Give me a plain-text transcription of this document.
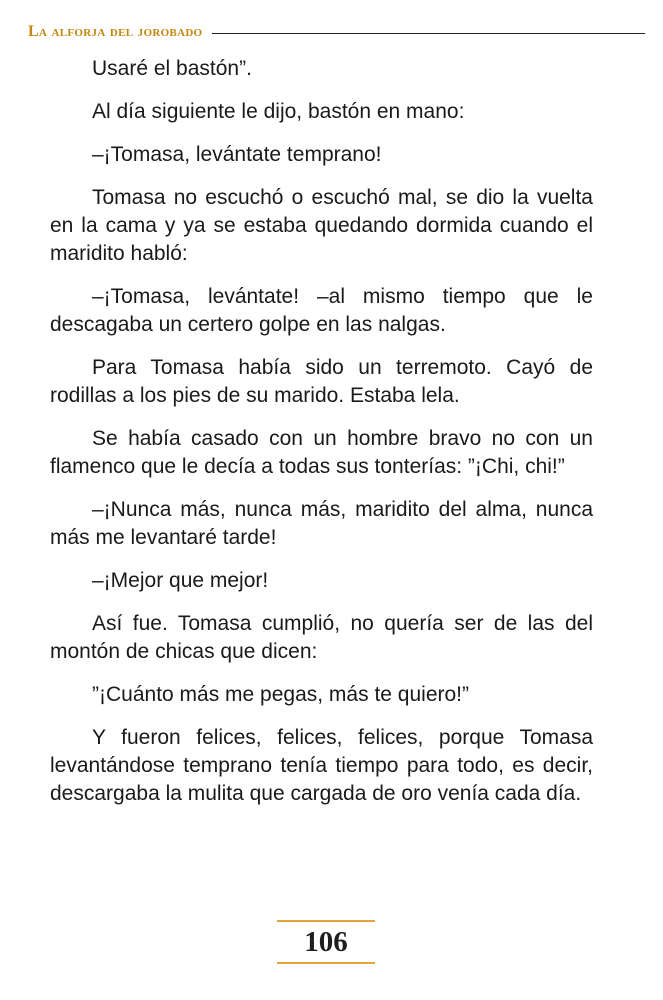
La alforja del jorobado

Usaré el bastón”.

Al día siguiente le dijo, bastón en mano:

–¡Tomasa, levántate temprano!

Tomasa no escuchó o escuchó mal, se dio la vuelta en la cama y ya se estaba quedando dormida cuando el maridito habló:

–¡Tomasa, levántate! –al mismo tiempo que le descagaba un certero golpe en las nalgas.

Para Tomasa había sido un terremoto. Cayó de rodillas a los pies de su marido. Estaba lela.

Se había casado con un hombre bravo no con un flamenco que le decía a todas sus tonterías: ”¡Chi, chi!”

–¡Nunca más, nunca más, maridito del alma, nunca más me levantaré tarde!

–¡Mejor que mejor!

Así fue. Tomasa cumplió, no quería ser de las del montón de chicas que dicen:

”¡Cuánto más me pegas, más te quiero!”

Y fueron felices, felices, felices, porque Tomasa levantándose temprano tenía tiempo para todo, es decir, descargaba la mulita que cargada de oro venía cada día.

106
